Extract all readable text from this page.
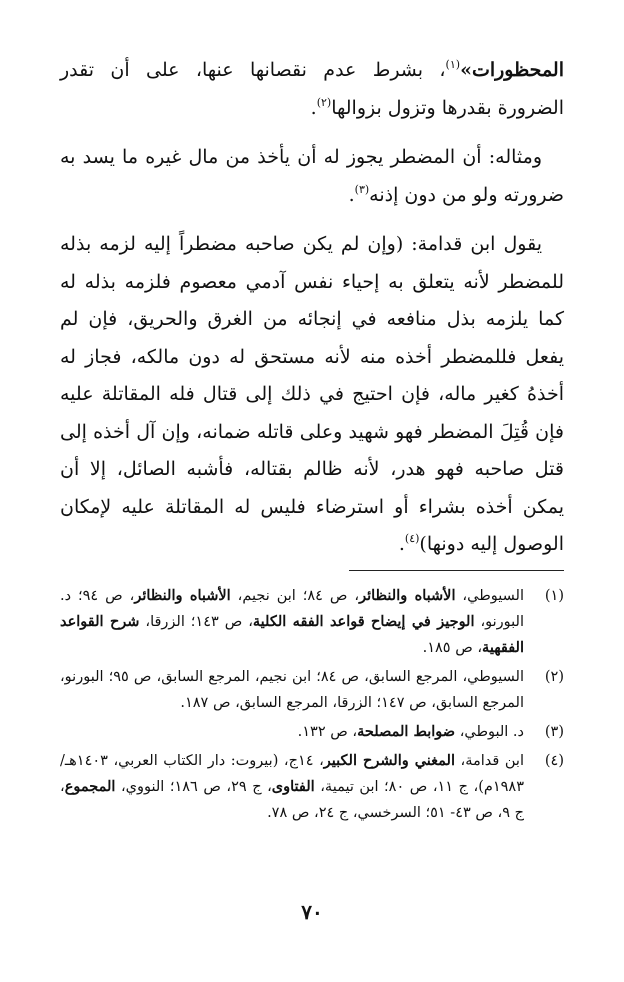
المحظورات»$^{(١)}$، بشرط عدم نقصانها عنها، على أن تقدر الضرورة بقدرها وتزول بزوالها$^{(٢)}$.

ومثاله: أن المضطر يجوز له أن يأخذ من مال غيره ما يسد به ضرورته ولو من دون إذنه$^{(٣)}$.

يقول ابن قدامة: (وإن لم يكن صاحبه مضطراً إليه لزمه بذله للمضطر لأنه يتعلق به إحياء نفس آدمي معصوم فلزمه بذله له كما يلزمه بذل منافعه في إنجائه من الغرق والحريق، فإن لم يفعل فللمضطر أخذه منه لأنه مستحق له دون مالكه، فجاز له أخذهُ كغير ماله، فإن احتيج في ذلك إلى قتال فله المقاتلة عليه فإن قُتِلَ المضطر فهو شهيد وعلى قاتله ضمانه، وإن آل أخذه إلى قتل صاحبه فهو هدر، لأنه ظالم بقتاله، فأشبه الصائل، إلا أن يمكن أخذه بشراء أو استرضاء فليس له المقاتلة عليه لإمكان الوصول إليه دونها)$^{(٤)}$.

(١)
السيوطي، الأشباه والنظائر، ص ٨٤؛ ابن نجيم، الأشباه والنظائر، ص ٩٤؛ د. البورنو، الوجيز في إيضاح قواعد الفقه الكلية، ص ١٤٣؛ الزرقا، شرح القواعد الفقهية، ص ١٨٥.
(٢)
السيوطي، المرجع السابق، ص ٨٤؛ ابن نجيم، المرجع السابق، ص ٩٥؛ البورنو، المرجع السابق، ص ١٤٧؛ الزرقا، المرجع السابق، ص ١٨٧.
(٣)
د. البوطي، ضوابط المصلحة، ص ١٣٢.
(٤)
ابن قدامة، المغني والشرح الكبير، ١٤ج، (بيروت: دار الكتاب العربي، ١٤٠٣هـ/١٩٨٣م)، ج ١١، ص ٨٠؛ ابن تيمية، الفتاوى، ج ٢٩، ص ١٨٦؛ النووي، المجموع، ج ٩، ص ٤٣- ٥١؛ السرخسي، ج ٢٤، ص ٧٨.
٧٠
